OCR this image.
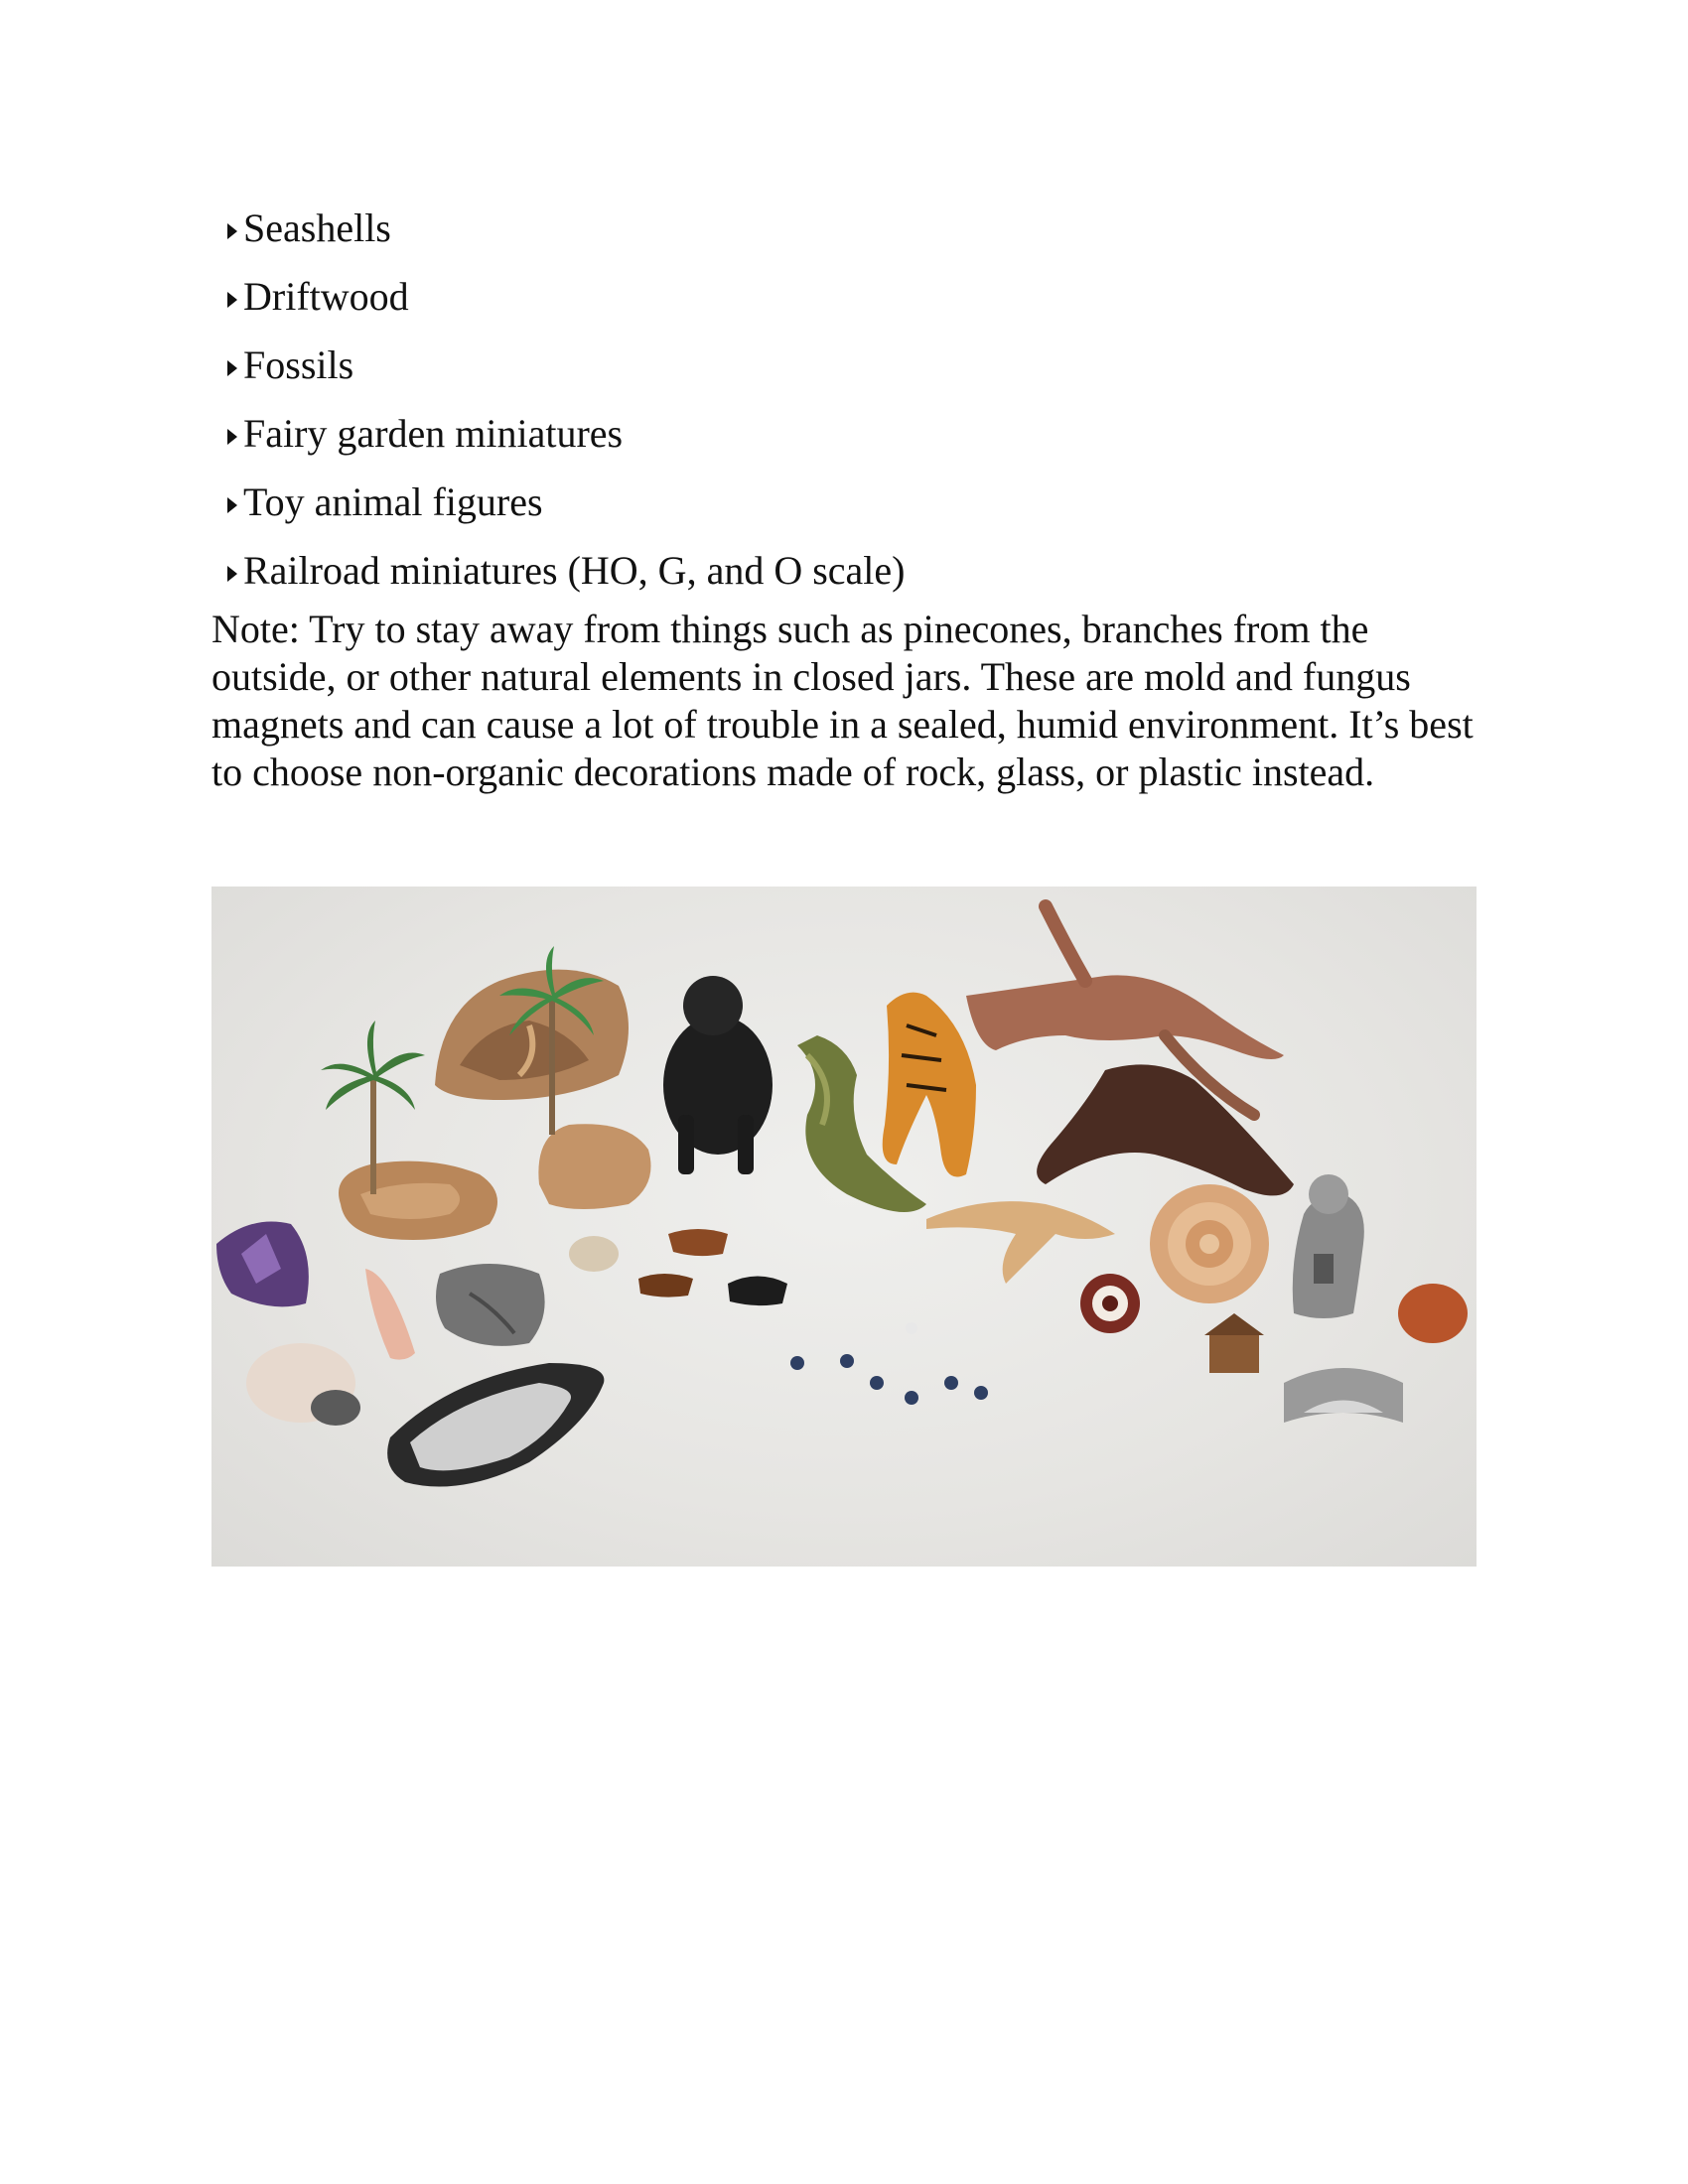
Seashells
Driftwood
Fossils
Fairy garden miniatures
Toy animal figures
Railroad miniatures (HO, G, and O scale)

Note: Try to stay away from things such as pinecones, branches from the outside, or other natural elements in closed jars. These are mold and fungus magnets and can cause a lot of trouble in a sealed, humid environment. It’s best to choose non-organic decorations made of rock, glass, or plastic instead.
